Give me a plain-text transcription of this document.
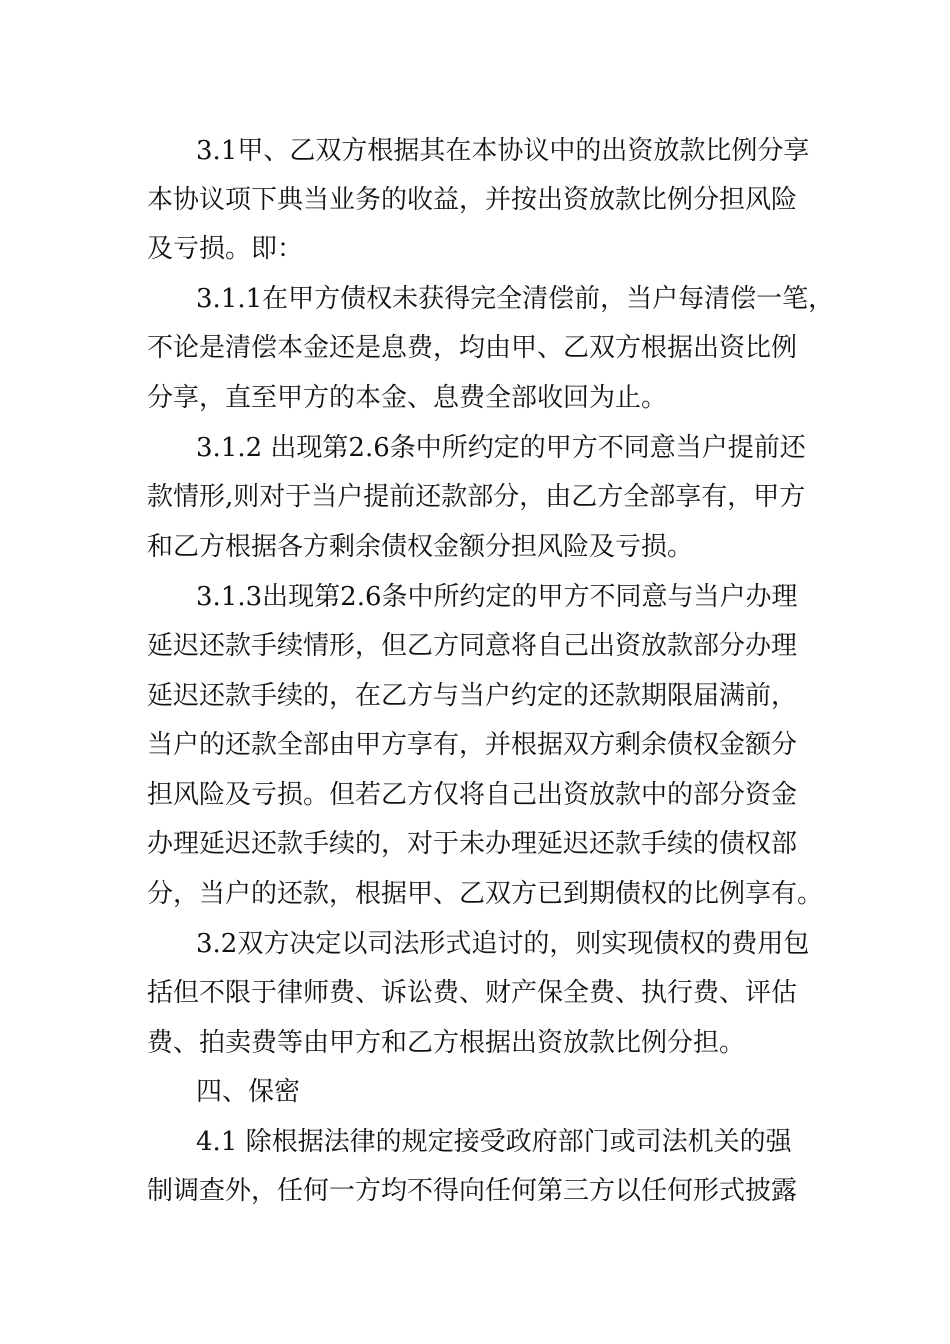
3.1甲、乙双方根据其在本协议中的出资放款比例分享
本协议项下典当业务的收益，并按出资放款比例分担风险
及亏损。即：
3.1.1在甲方债权未获得完全清偿前，当户每清偿一笔，
不论是清偿本金还是息费，均由甲、乙双方根据出资比例
分享，直至甲方的本金、息费全部收回为止。
3.1.2 出现第2.6条中所约定的甲方不同意当户提前还
款情形,则对于当户提前还款部分，由乙方全部享有，甲方
和乙方根据各方剩余债权金额分担风险及亏损。
3.1.3出现第2.6条中所约定的甲方不同意与当户办理
延迟还款手续情形，但乙方同意将自己出资放款部分办理
延迟还款手续的，在乙方与当户约定的还款期限届满前，
当户的还款全部由甲方享有，并根据双方剩余债权金额分
担风险及亏损。但若乙方仅将自己出资放款中的部分资金
办理延迟还款手续的，对于未办理延迟还款手续的债权部
分，当户的还款，根据甲、乙双方已到期债权的比例享有。
3.2双方决定以司法形式追讨的，则实现债权的费用包
括但不限于律师费、诉讼费、财产保全费、执行费、评估
费、拍卖费等由甲方和乙方根据出资放款比例分担。
四、保密
4.1 除根据法律的规定接受政府部门或司法机关的强
制调查外，任何一方均不得向任何第三方以任何形式披露
